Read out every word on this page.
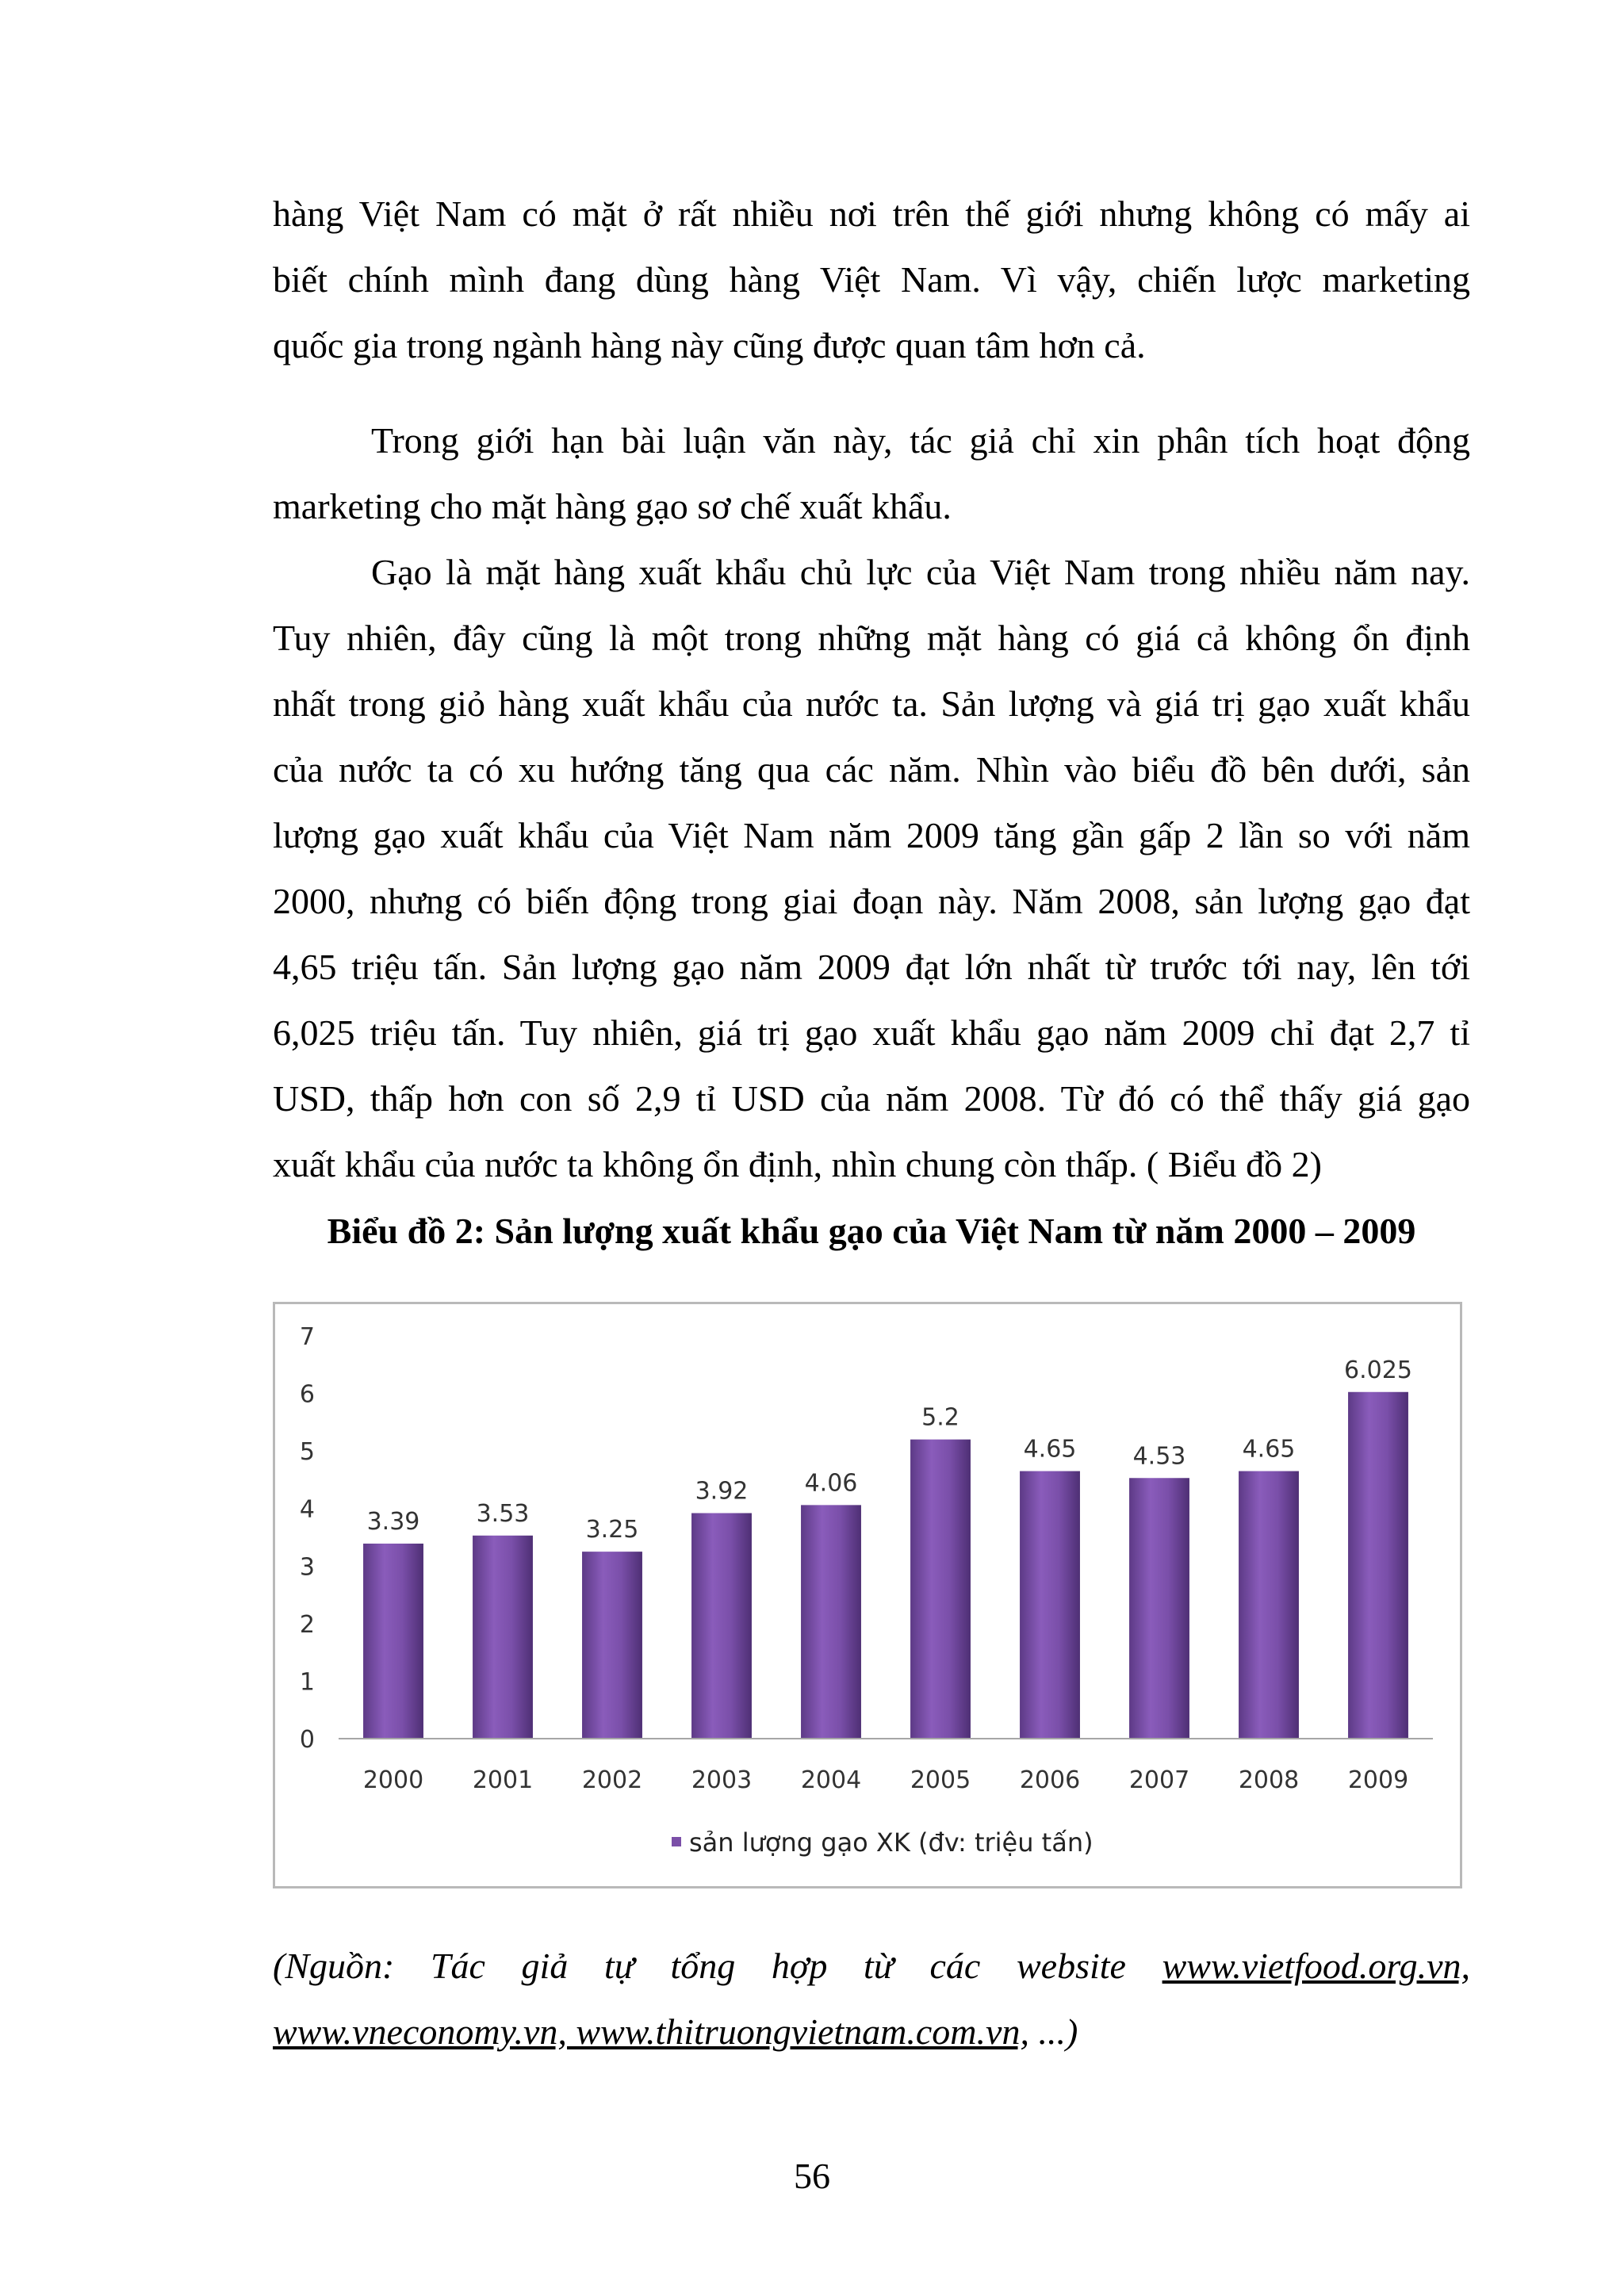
hàng Việt Nam có mặt ở rất nhiều nơi trên thế giới nhưng không có mấy ai
biết chính mình đang dùng hàng Việt Nam. Vì vậy, chiến lược marketing
quốc gia trong ngành hàng này cũng được quan tâm hơn cả.
Trong giới hạn bài luận văn này, tác giả chỉ xin phân tích hoạt động
marketing cho mặt hàng gạo sơ chế xuất khẩu.
Gạo là mặt hàng xuất khẩu chủ lực của Việt Nam trong nhiều năm nay.
Tuy nhiên, đây cũng là một trong những mặt hàng có giá cả không ổn định
nhất trong giỏ hàng xuất khẩu của nước ta. Sản lượng và giá trị gạo xuất khẩu
của nước ta có xu hướng tăng qua các năm. Nhìn vào biểu đồ bên dưới, sản
lượng gạo xuất khẩu của Việt Nam năm 2009 tăng gần gấp 2 lần so với năm
2000, nhưng có biến động trong giai đoạn này. Năm 2008, sản lượng gạo đạt
4,65 triệu tấn. Sản lượng gạo năm 2009 đạt lớn nhất từ trước tới nay, lên tới
6,025 triệu tấn. Tuy nhiên, giá trị gạo xuất khẩu gạo năm 2009 chỉ đạt 2,7 tỉ
USD, thấp hơn con số 2,9 tỉ USD của năm 2008. Từ đó có thể thấy giá gạo
xuất khẩu của nước ta không ổn định, nhìn chung còn thấp. ( Biểu đồ 2)
Biểu đồ 2: Sản lượng xuất khẩu gạo của Việt Nam từ năm 2000 – 2009
0
1
2
3
4
5
6
7
3.39 3.53
3.25
3.92 4.06
5.2
4.65 4.53 4.65
6.025
2000 2001 2002 2003 2004 2005 2006 2007 2008 2009
sản lượng gạo XK (đv: triệu tấn)
(Nguồn: Tác giả tự tổng hợp từ các website www.vietfood.org.vn,
www.vneconomy.vn, www.thitruongvietnam.com.vn, ...)
56
